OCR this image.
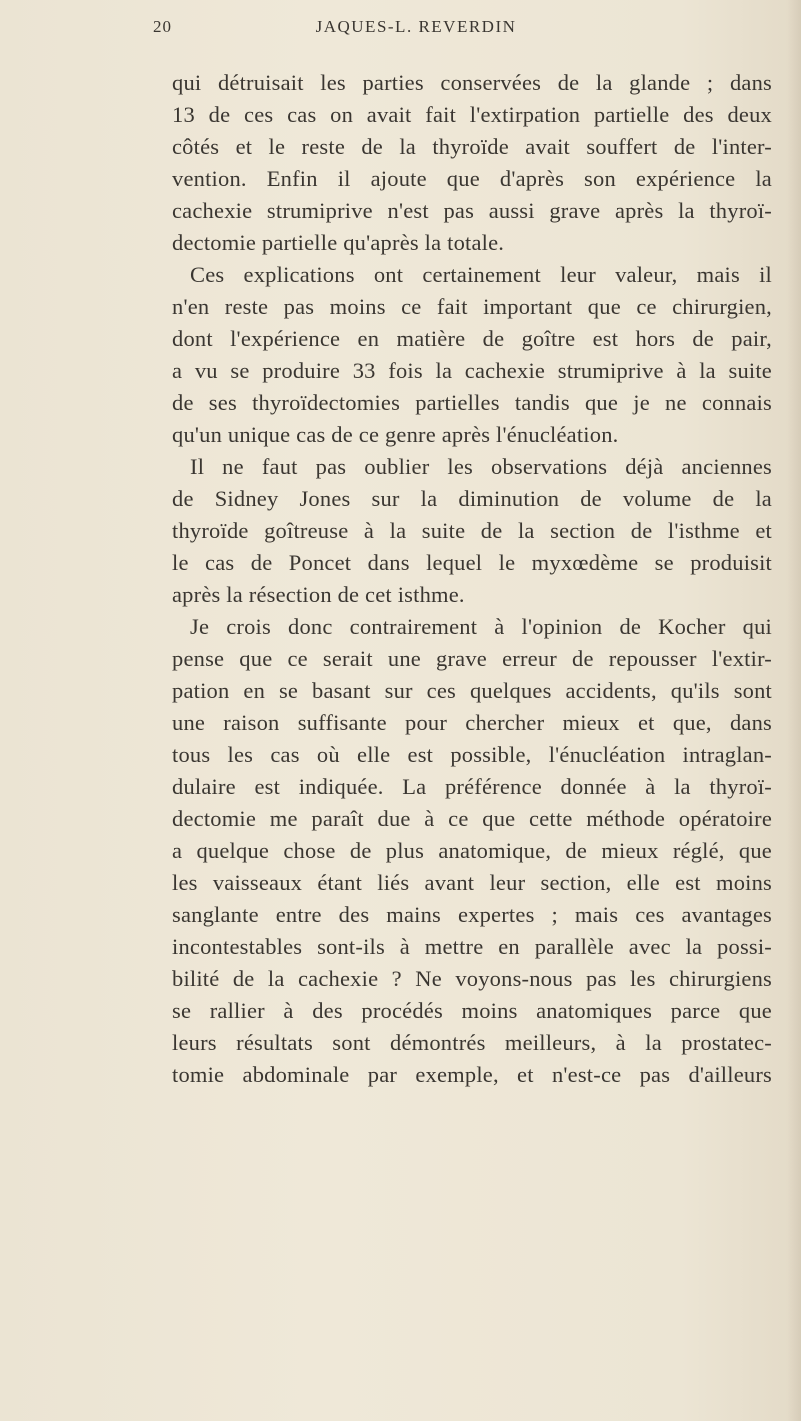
20	JAQUES-L. REVERDIN
qui détruisait les parties conservées de la glande ; dans
13 de ces cas on avait fait l'extirpation partielle des deux
côtés et le reste de la thyroïde avait souffert de l'inter-
vention. Enfin il ajoute que d'après son expérience la
cachexie strumiprive n'est pas aussi grave après la thyroï-
dectomie partielle qu'après la totale.
Ces explications ont certainement leur valeur, mais il
n'en reste pas moins ce fait important que ce chirurgien,
dont l'expérience en matière de goître est hors de pair,
a vu se produire 33 fois la cachexie strumiprive à la suite
de ses thyroïdectomies partielles tandis que je ne connais
qu'un unique cas de ce genre après l'énucléation.
Il ne faut pas oublier les observations déjà anciennes
de Sidney Jones sur la diminution de volume de la
thyroïde goîtreuse à la suite de la section de l'isthme et
le cas de Poncet dans lequel le myxœdème se produisit
après la résection de cet isthme.
Je crois donc contrairement à l'opinion de Kocher qui
pense que ce serait une grave erreur de repousser l'extir-
pation en se basant sur ces quelques accidents, qu'ils sont
une raison suffisante pour chercher mieux et que, dans
tous les cas où elle est possible, l'énucléation intraglan-
dulaire est indiquée. La préférence donnée à la thyroï-
dectomie me paraît due à ce que cette méthode opératoire
a quelque chose de plus anatomique, de mieux réglé, que
les vaisseaux étant liés avant leur section, elle est moins
sanglante entre des mains expertes ; mais ces avantages
incontestables sont-ils à mettre en parallèle avec la possi-
bilité de la cachexie ? Ne voyons-nous pas les chirurgiens
se rallier à des procédés moins anatomiques parce que
leurs résultats sont démontrés meilleurs, à la prostatec-
tomie abdominale par exemple, et n'est-ce pas d'ailleurs
